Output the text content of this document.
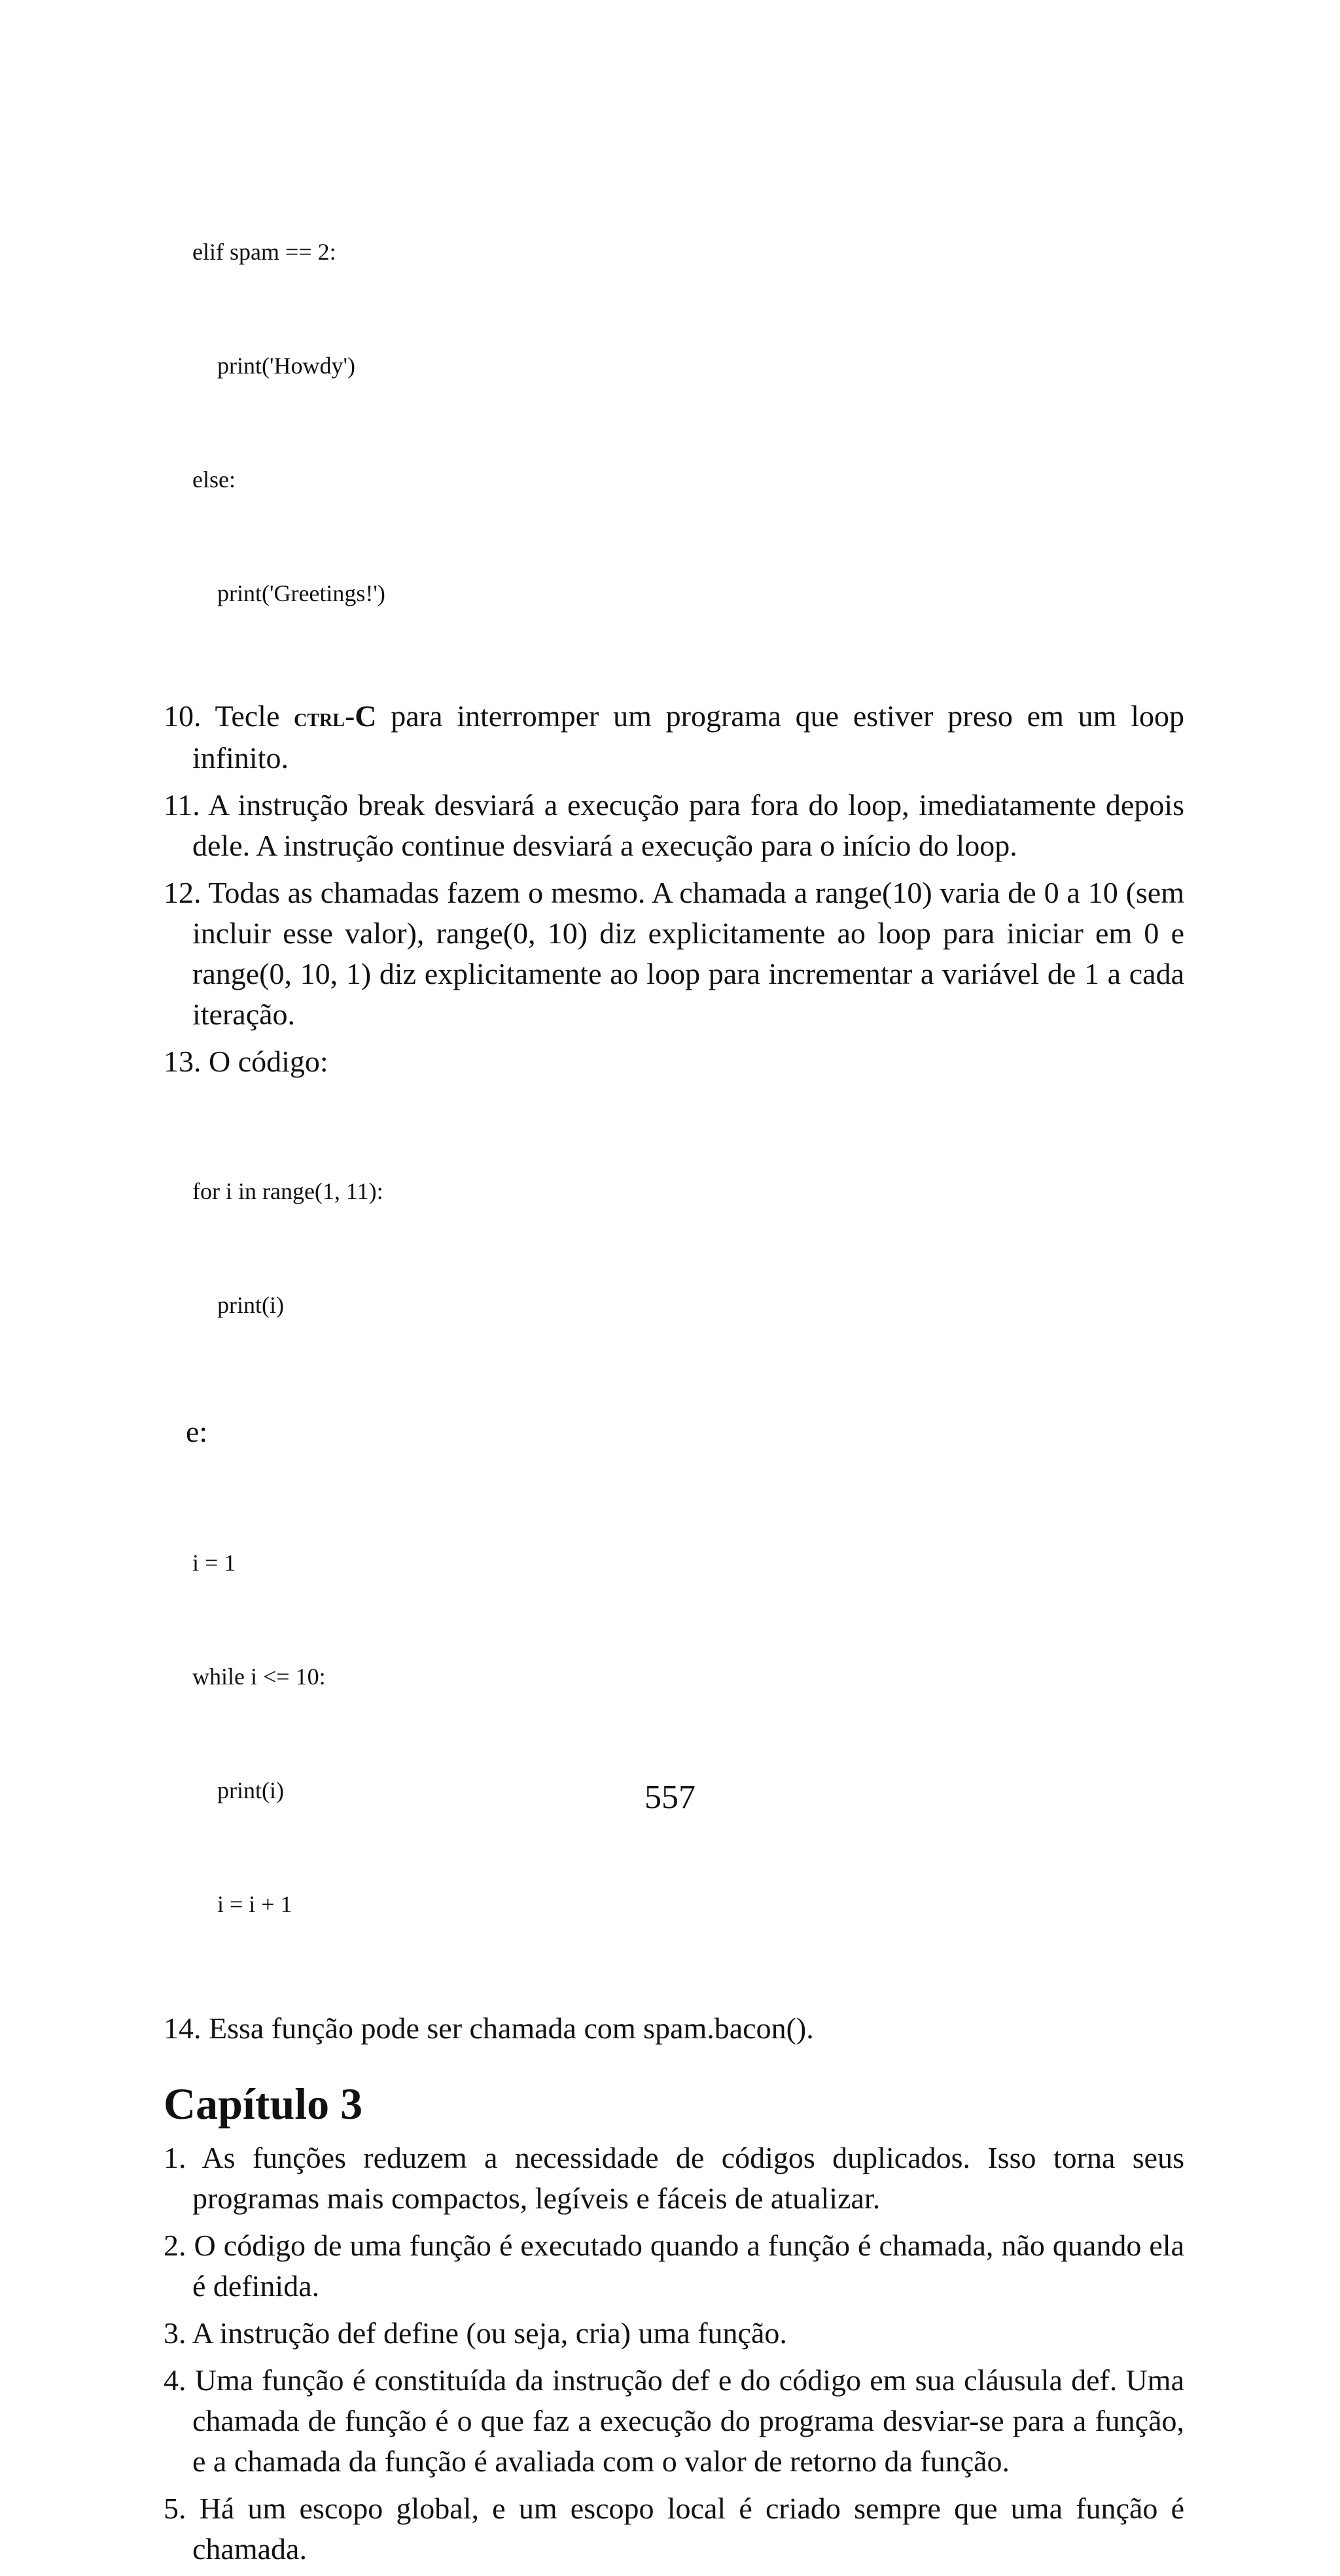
elif spam == 2:

print('Howdy')

else:

print('Greetings!')

10. Tecle ctrl-C para interromper um programa que estiver preso em um loop infinito.

11. A instrução break desviará a execução para fora do loop, imediatamente depois dele. A instrução continue desviará a execução para o início do loop.

12. Todas as chamadas fazem o mesmo. A chamada a range(10) varia de 0 a 10 (sem incluir esse valor), range(0, 10) diz explicitamente ao loop para iniciar em 0 e range(0, 10, 1) diz explicitamente ao loop para incrementar a variável de 1 a cada iteração.

13. O código:

for i in range(1, 11):

print(i)

e:

i = 1

while i <= 10:

print(i)

i = i + 1

14. Essa função pode ser chamada com spam.bacon().

Capítulo 3

1. As funções reduzem a necessidade de códigos duplicados. Isso torna seus programas mais compactos, legíveis e fáceis de atualizar.

2. O código de uma função é executado quando a função é chamada, não quando ela é definida.

3. A instrução def define (ou seja, cria) uma função.

4. Uma função é constituída da instrução def e do código em sua cláusula def. Uma chamada de função é o que faz a execução do programa desviar-se para a função, e a chamada da função é avaliada com o valor de retorno da função.

5. Há um escopo global, e um escopo local é criado sempre que uma função é chamada.

557
